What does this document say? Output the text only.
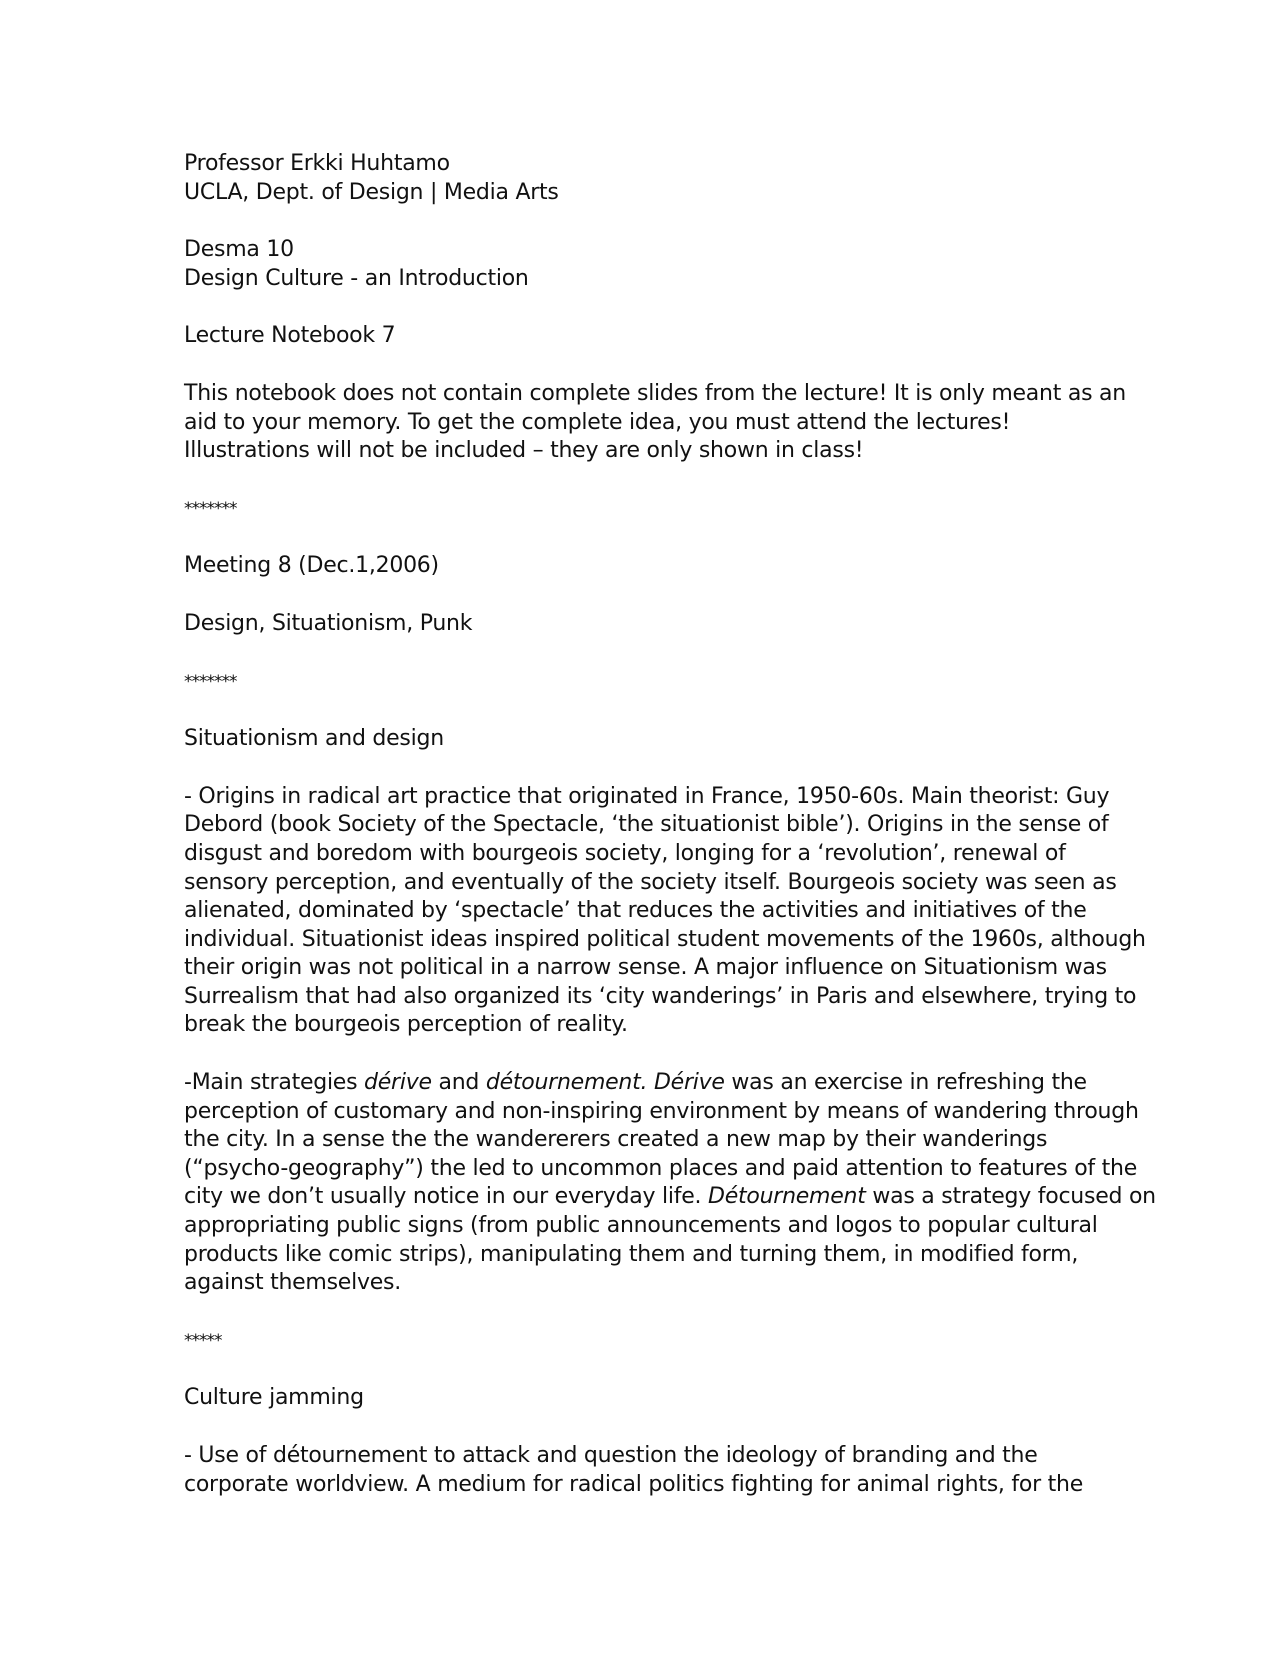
Professor Erkki Huhtamo
UCLA, Dept. of Design | Media Arts
Desma 10
Design Culture - an Introduction
Lecture Notebook 7
This notebook does not contain complete slides from the lecture! It is only meant as an
aid to your memory. To get the complete idea, you must attend the lectures!
Illustrations will not be included – they are only shown in class!
*******
Meeting 8 (Dec.1,2006)
Design, Situationism, Punk
*******
Situationism and design
- Origins in radical art practice that originated in France, 1950-60s. Main theorist: Guy
Debord (book Society of the Spectacle, ‘the situationist bible’). Origins in the sense of
disgust and boredom with bourgeois society, longing for a ‘revolution’, renewal of
sensory perception, and eventually of the society itself. Bourgeois society was seen as
alienated, dominated by ‘spectacle’ that reduces the activities and initiatives of the
individual. Situationist ideas inspired political student movements of the 1960s, although
their origin was not political in a narrow sense. A major influence on Situationism was
Surrealism that had also organized its ‘city wanderings’ in Paris and elsewhere, trying to
break the bourgeois perception of reality.
-Main strategies dérive and détournement. Dérive was an exercise in refreshing the
perception of customary and non-inspiring environment by means of wandering through
the city. In a sense the the wandererers created a new map by their wanderings
(“psycho-geography”) the led to uncommon places and paid attention to features of the
city we don’t usually notice in our everyday life. Détournement was a strategy focused on
appropriating public signs (from public announcements and logos to popular cultural
products like comic strips), manipulating them and turning them, in modified form,
against themselves.
*****
Culture jamming
- Use of détournement to attack and question the ideology of branding and the
corporate worldview. A medium for radical politics fighting for animal rights, for the
